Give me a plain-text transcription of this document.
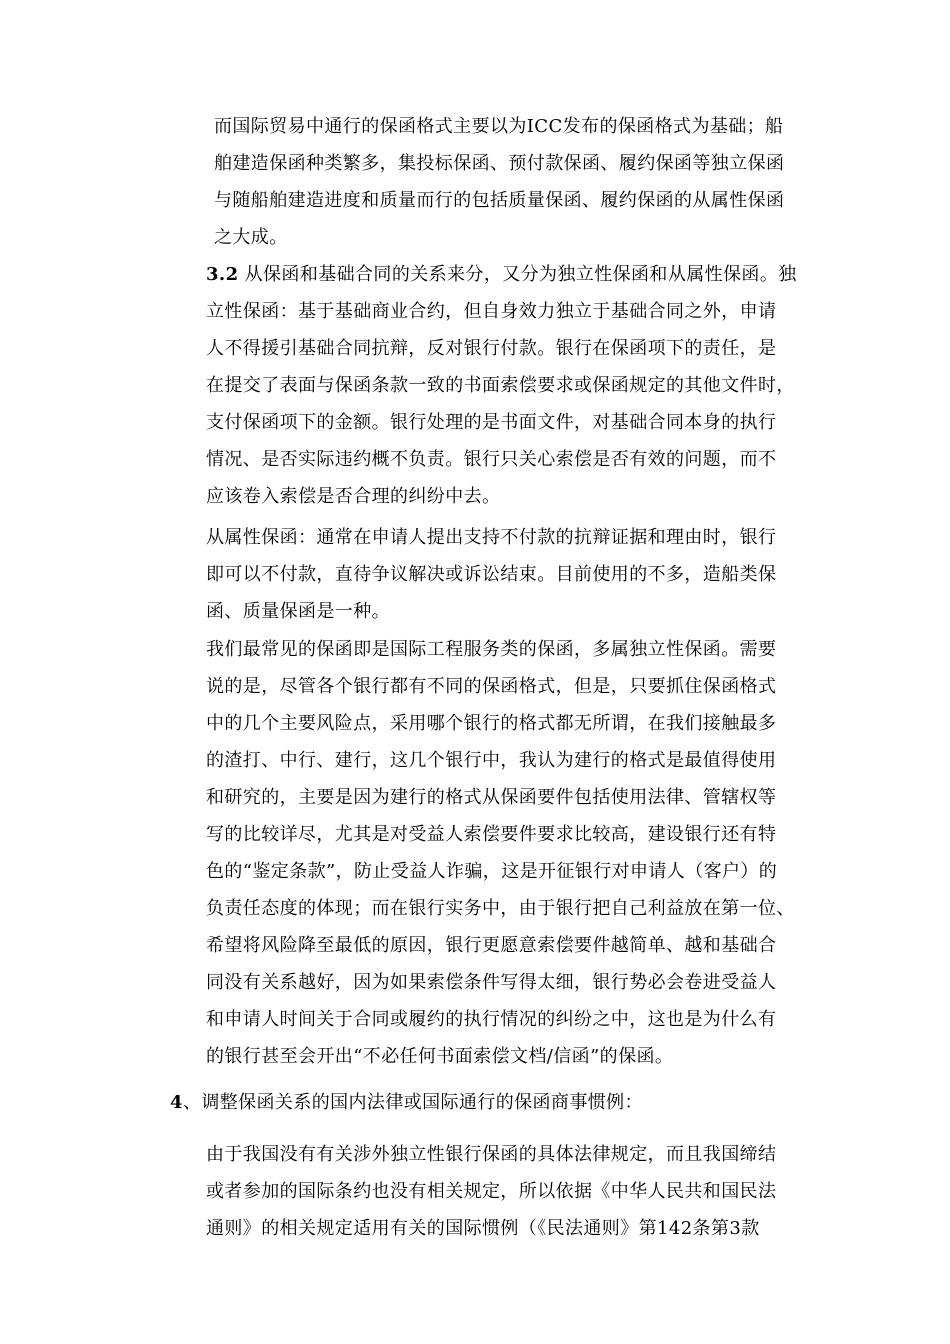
而国际贸易中通行的保函格式主要以为ICC发布的保函格式为基础；船
舶建造保函种类繁多，集投标保函、预付款保函、履约保函等独立保函
与随船舶建造进度和质量而行的包括质量保函、履约保函的从属性保函
之大成。
3.2 从保函和基础合同的关系来分，又分为独立性保函和从属性保函。独
立性保函：基于基础商业合约，但自身效力独立于基础合同之外，申请
人不得援引基础合同抗辩，反对银行付款。银行在保函项下的责任，是
在提交了表面与保函条款一致的书面索偿要求或保函规定的其他文件时，
支付保函项下的金额。银行处理的是书面文件，对基础合同本身的执行
情况、是否实际违约概不负责。银行只关心索偿是否有效的问题，而不
应该卷入索偿是否合理的纠纷中去。
从属性保函：通常在申请人提出支持不付款的抗辩证据和理由时，银行
即可以不付款，直待争议解决或诉讼结束。目前使用的不多，造船类保
函、质量保函是一种。
我们最常见的保函即是国际工程服务类的保函，多属独立性保函。需要
说的是，尽管各个银行都有不同的保函格式，但是，只要抓住保函格式
中的几个主要风险点，采用哪个银行的格式都无所谓，在我们接触最多
的渣打、中行、建行，这几个银行中，我认为建行的格式是最值得使用
和研究的，主要是因为建行的格式从保函要件包括使用法律、管辖权等
写的比较详尽，尤其是对受益人索偿要件要求比较高，建设银行还有特
色的“鉴定条款”，防止受益人诈骗，这是开征银行对申请人（客户）的
负责任态度的体现；而在银行实务中，由于银行把自己利益放在第一位、
希望将风险降至最低的原因，银行更愿意索偿要件越简单、越和基础合
同没有关系越好，因为如果索偿条件写得太细，银行势必会卷进受益人
和申请人时间关于合同或履约的执行情况的纠纷之中，这也是为什么有
的银行甚至会开出“不必任何书面索偿文档/信函”的保函。
4、调整保函关系的国内法律或国际通行的保函商事惯例：
由于我国没有有关涉外独立性银行保函的具体法律规定，而且我国缔结
或者参加的国际条约也没有相关规定，所以依据《中华人民共和国民法
通则》的相关规定适用有关的国际惯例（《民法通则》第142条第3款
